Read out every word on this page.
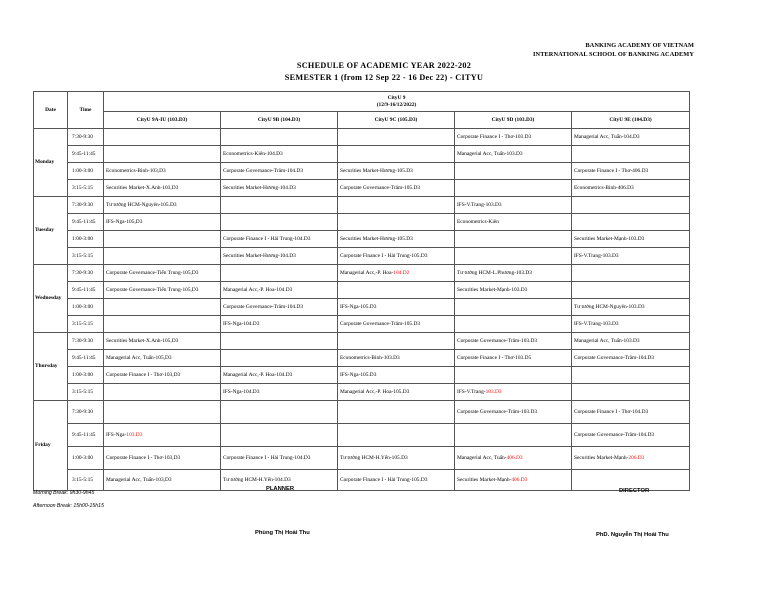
BANKING ACADEMY OF VIETNAM
INTERNATIONAL SCHOOL OF BANKING ACADEMY
SCHEDULE OF ACADEMIC YEAR 2022-202
SEMESTER 1 (from 12 Sep 22 - 16 Dec 22) - CITYU
Date	Time	CityU 9
(12/9-16/12/2022)				

		CityU 9A-IU (103.D3)	CityU 9B (104.D3)	CityU 9C (105.D3)	CityU 9D (103.D3)	CityU 9E (104.D3)
Monday	7:30-9:30				Corporate Finance I - Thơ-103.D3	Managerial Acc, Tuấn-104.D3
	9:45-11:45		Econometrics-Kiên-104.D3		Managerial Acc, Tuấn-103.D3	
	1:00-3:00	Econometrics-Bình-103,D3	Corporate Governance-Trâm-104.D3	Securities Market-Hương-105.D3		Corporate Finance I - Thơ-406.D3
	3:15-5:15	Securities Market-X.Anh-103,D3	Securities Market-Hương-104.D3	Corporate Governance-Trâm-105.D3		Econometrics-Bình-406.D3
Tuesday	7:30-9:30	Tư tưởng HCM-Nguyên-105.D3			IFS-V.Trang-103.D3	
	9:45-11:45	IFS-Nga-105,D3			Econometrics-Kiên	
	1:00-3:00		Corporate Finance I - Hải Trung-104.D3	Securities Market-Hương-105.D3		Securities Market-Mạnh-103.D3
	3:15-5:15		Securities Market-Hương-104.D3	Corporate Finance I - Hải Trung-105.D3		IFS-V.Trang-103.D3
Wednesday	7:30-9:30	Corporate Governance-Tiến Trung-105,D3		Managerial Acc,-P. Hoa-104.D2	Tư tưởng HCM-L.Phương-103.D3	
	9:45-11:45	Corporate Governance-Tiến Trung-105,D3	Managerial Acc,-P. Hoa-104.D3		Securities Market-Mạnh-103.D3	
	1:00-3:00		Corporate Governance-Trâm-104.D3	IFS-Nga-105.D3		Tư tưởng HCM-Nguyên-103.D3
	3:15-5:15		IFS-Nga-104.D3	Corporate Governance-Trâm-105.D3		IFS-V.Trang-103.D3
Thursday	7:30-9:30	Securities Market-X.Anh-105,D3			Corporate Governance-Trâm-103.D3	Managerial Acc, Tuấn-103.D3
	9:45-11:45	Managerial Acc, Tuấn-105,D3		Econometrics-Bình-103.D3	Corporate Finance I - Thơ-103.D5	Corporate Governance-Trâm-104.D3
	1:00-3:00	Corporate Finance I - Thơ-103,D3	Managerial Acc,-P. Hoa-104.D3	IFS-Nga-105.D3		
	3:15-5:15		IFS-Nga-104.D3	Managerial Acc,-P. Hoa-105.D3	IFS-V.Trang-103.D3	
Friday	7:30-9:30				Corporate Governance-Trâm-103.D3	Corporate Finance I - Thơ-104.D3
	9:45-11:45	IFS-Nga-103.D3				Corporate Governance-Trâm-104.D3
	1:00-3:00	Corporate Finance I - Thơ-103,D3	Corporate Finance I - Hải Trung-104.D3	Tư tưởng HCM-H.Yến-105.D3	Managerial Acc, Tuấn-406.D3	Securities Market-Mạnh-206.D3
	3:15-5:15	Managerial Acc, Tuấn-103,D3	Tư tưởng HCM-H.Yến-104.D3	Corporate Finance I - Hải Trung-105.D3	Securities Market-Mạnh-406.D3	
Morning Break: 9h30-9h45
Afternoon Break: 15h00-15h15
PLANNER	DIRECTOR
Phùng Thị Hoài Thu	PhD. Nguyễn Thị Hoài Thu
